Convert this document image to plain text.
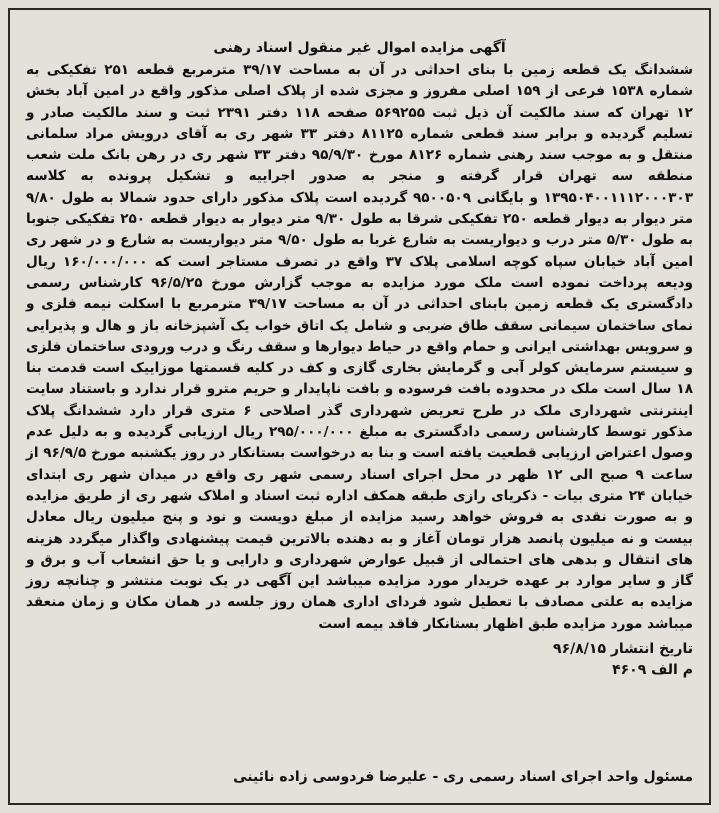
آگهی مزایده اموال غیر منقول اسناد رهنی
ششدانگ یک قطعه زمین با بنای احداثی در آن به مساحت ۳۹/۱۷ مترمربع قطعه ۲۵۱ تفکیکی به شماره ۱۵۳۸ فرعی از ۱۵۹ اصلی مفروز و مجزی شده از پلاک اصلی مذکور واقع در امین آباد بخش ۱۲ تهران که سند مالکیت آن ذیل ثبت ۵۶۹۲۵۵ صفحه ۱۱۸ دفتر ۲۳۹۱ ثبت و سند مالکیت صادر و تسلیم گردیده و برابر سند قطعی شماره ۸۱۱۲۵ دفتر ۳۳ شهر ری به آقای درویش مراد سلمانی منتقل و به موجب سند رهنی شماره ۸۱۲۶ مورخ ۹۵/۹/۳۰ دفتر ۳۳ شهر ری در رهن بانک ملت شعب منطقه سه تهران قرار گرفته و منجر به صدور اجراییه و تشکیل پرونده به کلاسه ۱۳۹۵۰۴۰۰۱۱۱۲۰۰۰۳۰۳ و بایگانی ۹۵۰۰۵۰۹ گردیده است پلاک مذکور دارای حدود شمالا به طول ۹/۸۰ متر دیوار به دیوار قطعه ۲۵۰ تفکیکی شرقا به طول ۹/۳۰ متر دیوار به دیوار قطعه ۲۵۰ تفکیکی جنوبا به طول ۵/۳۰ متر درب و دیواریست به شارع غربا به طول ۹/۵۰ متر دیواریست به شارع و در شهر ری امین آباد خیابان سپاه کوچه اسلامی پلاک ۳۷ واقع در تصرف مستاجر است که ۱۶۰/۰۰۰/۰۰۰ ریال ودیعه پرداخت نموده است ملک مورد مزایده به موجب گزارش مورخ ۹۶/۵/۲۵ کارشناس رسمی دادگستری یک قطعه زمین بابنای احداثی در آن به مساحت ۳۹/۱۷ مترمربع با اسکلت نیمه فلزی و نمای ساختمان سیمانی سقف طاق ضربی و شامل یک اتاق خواب یک آشپزخانه باز و هال و پذیرایی و سرویس بهداشتی ایرانی و حمام واقع در حیاط دیوارها و سقف رنگ و درب ورودی ساختمان فلزی و سیستم سرمایش کولر آبی و گرمایش بخاری گازی و کف در کلیه قسمتها موزاییک است قدمت بنا ۱۸ سال است ملک در محدوده بافت فرسوده و بافت ناپایدار و حریم مترو قرار ندارد و باستناد سایت اینترنتی شهرداری ملک در طرح تعریض شهرداری گذر اصلاحی ۶ متری قرار دارد ششدانگ پلاک مذکور توسط کارشناس رسمی دادگستری به مبلغ ۲۹۵/۰۰۰/۰۰۰ ریال ارزیابی گردیده و به دلیل عدم وصول اعتراض ارزیابی قطعیت یافته است و بنا به درخواست بستانکار در روز یکشنبه مورخ ۹۶/۹/۵ از ساعت ۹ صبح الی ۱۲ ظهر در محل اجرای اسناد رسمی شهر ری واقع در میدان شهر ری ابتدای خیابان ۲۴ متری بیات - ذکریای رازی طبقه همکف اداره ثبت اسناد و املاک شهر ری از طریق مزایده و به صورت نقدی به فروش خواهد رسید مزایده از مبلغ دویست و نود و پنج میلیون ریال معادل بیست و نه میلیون پانصد هزار تومان آغاز و به دهنده بالاترین قیمت پیشنهادی واگذار میگردد هزینه های انتقال و بدهی های احتمالی از قبیل عوارض شهرداری و دارایی و یا حق انشعاب آب و برق و گاز و سایر موارد بر عهده خریدار مورد مزایده میباشد این آگهی در یک نوبت منتشر و چنانچه روز مزایده به علتی مصادف با تعطیل شود فردای اداری همان روز جلسه در همان مکان و زمان منعقد میباشد مورد مزایده طبق اظهار بستانکار فاقد بیمه است
تاریخ انتشار ۹۶/۸/۱۵
م الف ۴۶۰۹
مسئول واحد اجرای اسناد رسمی ری - علیرضا فردوسی زاده نائینی
